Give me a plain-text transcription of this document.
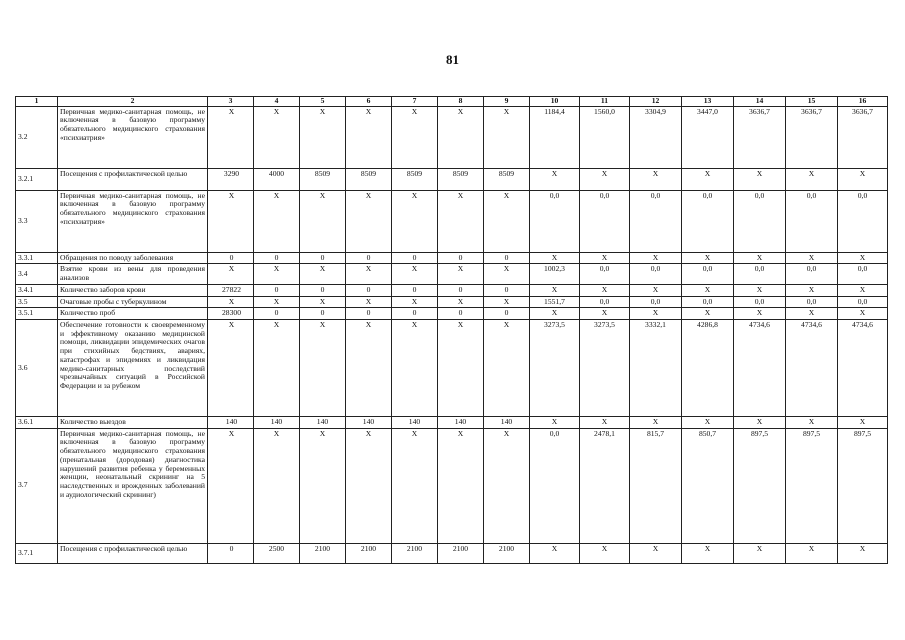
81
1	2	3	4	5	6	7	8	9	10	11	12	13	14	15	16
3.2	Первичная медико-санитарная помощь, не включенная в базовую программу обязательного медицинского страхования «психиатрия»	X	X	X	X	X	X	X	1184,4	1560,0	3304,9	3447,0	3636,7	3636,7	3636,7
3.2.1	Посещения с профилактической целью	3290	4000	8509	8509	8509	8509	8509	X	X	X	X	X	X	X
3.3	Первичная медико-санитарная помощь, не включенная в базовую программу обязательного медицинского страхования «психиатрия»	X	X	X	X	X	X	X	0,0	0,0	0,0	0,0	0,0	0,0	0,0
3.3.1	Обращения по поводу заболевания	0	0	0	0	0	0	0	X	X	X	X	X	X	X
3.4	Взятие крови из вены для проведения анализов	X	X	X	X	X	X	X	1002,3	0,0	0,0	0,0	0,0	0,0	0,0
3.4.1	Количество заборов крови	27822	0	0	0	0	0	0	X	X	X	X	X	X	X
3.5	Очаговые пробы с туберкулином	X	X	X	X	X	X	X	1551,7	0,0	0,0	0,0	0,0	0,0	0,0
3.5.1	Количество проб	28300	0	0	0	0	0	0	X	X	X	X	X	X	X
3.6	Обеспечение готовности к своевременному и эффективному оказанию медицинской помощи, ликвидации эпидемических очагов при стихийных бедствиях, авариях, катастрофах и эпидемиях и ликвидация медико-санитарных последствий чрезвычайных ситуаций в Российской Федерации и за рубежом	X	X	X	X	X	X	X	3273,5	3273,5	3332,1	4286,8	4734,6	4734,6	4734,6
3.6.1	Количество выездов	140	140	140	140	140	140	140	X	X	X	X	X	X	X
3.7	Первичная медико-санитарная помощь, не включенная в базовую программу обязательного медицинского страхования (пренатальная (дородовая) диагностика нарушений развития ребенка у беременных женщин, неонатальный скрининг на 5 наследственных и врожденных заболеваний и аудиологический скрининг)	X	X	X	X	X	X	X	0,0	2478,1	815,7	850,7	897,5	897,5	897,5
3.7.1	Посещения с профилактической целью	0	2500	2100	2100	2100	2100	2100	X	X	X	X	X	X	X
